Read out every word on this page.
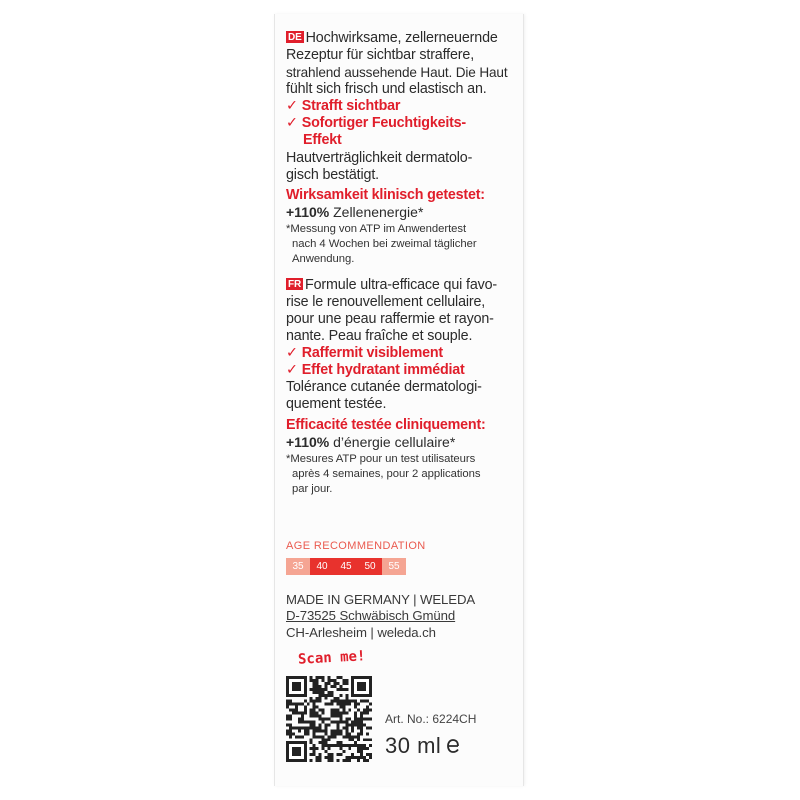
DE Hochwirksame, zellerneuernde
Rezeptur für sichtbar straffere,
strahlend aussehende Haut. Die Haut
fühlt sich frisch und elastisch an.
✓ Strafft sichtbar
✓ Sofortiger Feuchtigkeits-
Effekt
Hautverträglichkeit dermatolo-
gisch bestätigt.
Wirksamkeit klinisch getestet:
+110% Zellenenergie*
*Messung von ATP im Anwendertest
nach 4 Wochen bei zweimal täglicher
Anwendung.
FR Formule ultra-efficace qui favo-
rise le renouvellement cellulaire,
pour une peau raffermie et rayon-
nante. Peau fraîche et souple.
✓ Raffermit visiblement
✓ Effet hydratant immédiat
Tolérance cutanée dermatologi-
quement testée.
Efficacité testée cliniquement:
+110% d’énergie cellulaire*
*Mesures ATP pour un test utilisateurs
après 4 semaines, pour 2 applications
par jour.
AGE RECOMMENDATION
35	40	45	50	55
MADE IN GERMANY | WELEDA
D-73525 Schwäbisch Gmünd
CH-Arlesheim | weleda.ch
Scan me!
Art. No.: 6224CH
30 ml
